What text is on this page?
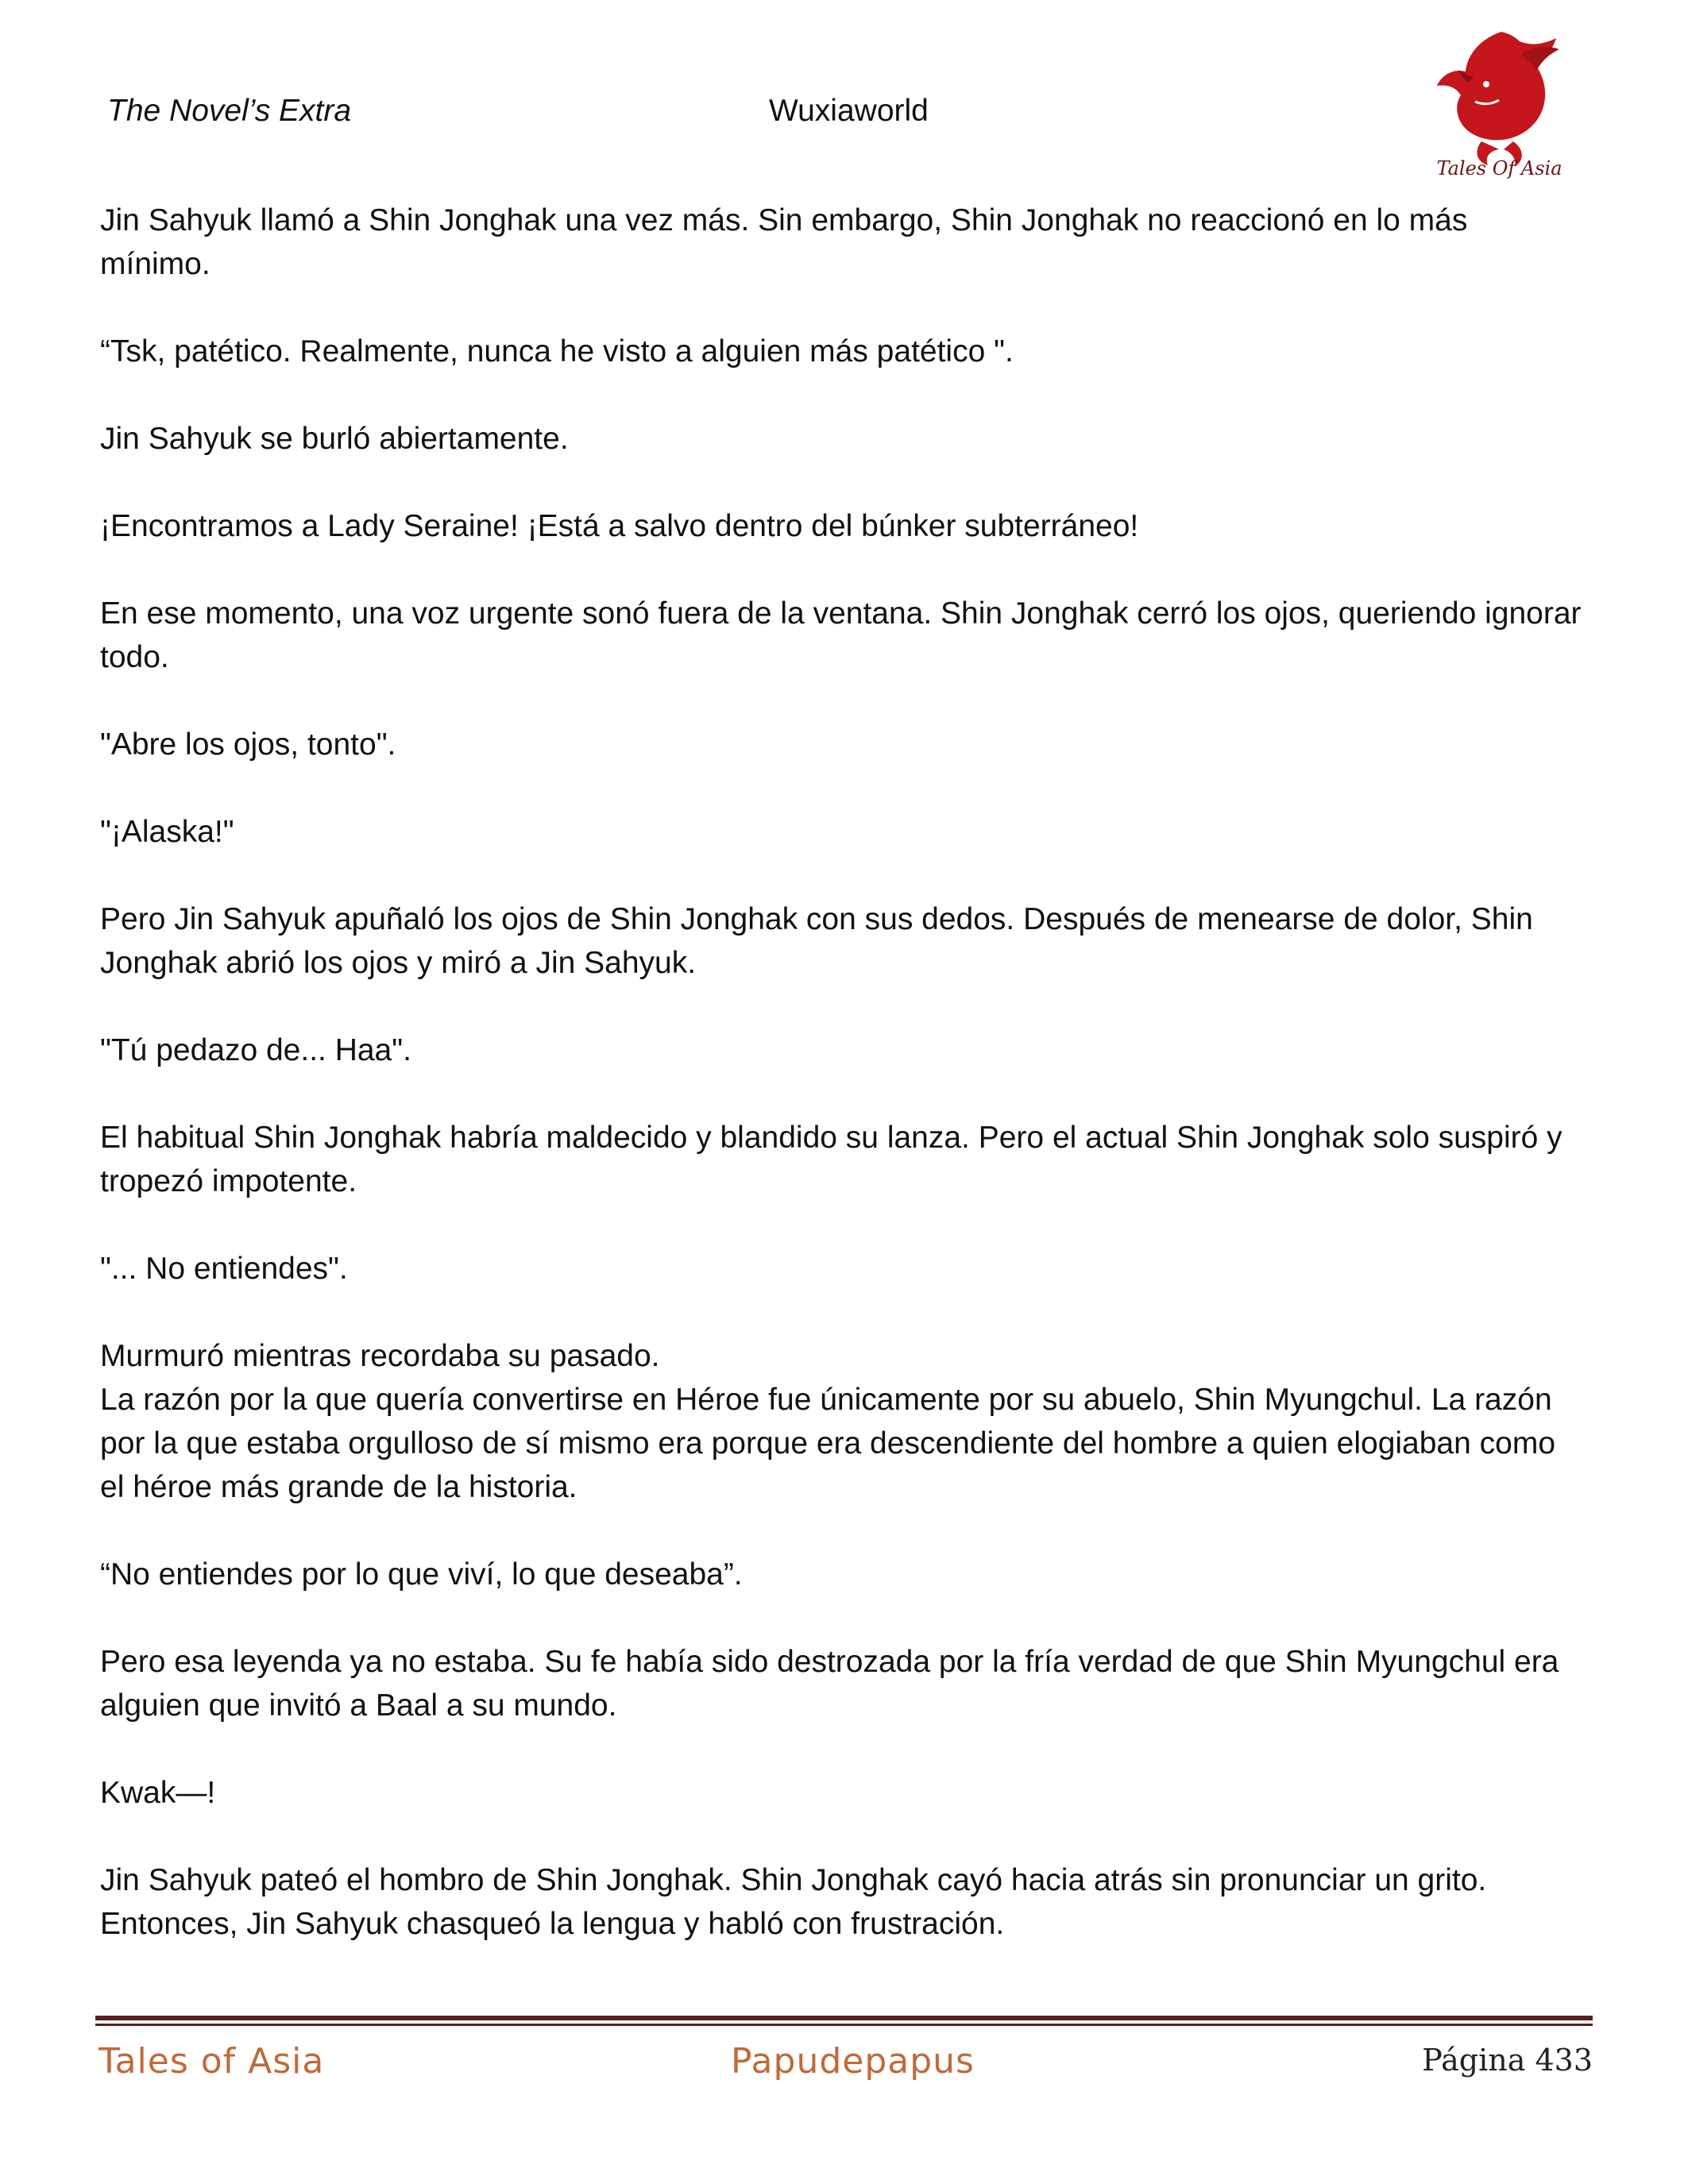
The Novel’s Extra	Wuxiaworld
Tales Of Asia

Jin Sahyuk llamó a Shin Jonghak una vez más. Sin embargo, Shin Jonghak no reaccionó en lo más mínimo.

“Tsk, patético. Realmente, nunca he visto a alguien más patético ".

Jin Sahyuk se burló abiertamente.

¡Encontramos a Lady Seraine! ¡Está a salvo dentro del búnker subterráneo!

En ese momento, una voz urgente sonó fuera de la ventana. Shin Jonghak cerró los ojos, queriendo ignorar todo.

"Abre los ojos, tonto".

"¡Alaska!"

Pero Jin Sahyuk apuñaló los ojos de Shin Jonghak con sus dedos. Después de menearse de dolor, Shin Jonghak abrió los ojos y miró a Jin Sahyuk.

"Tú pedazo de... Haa".

El habitual Shin Jonghak habría maldecido y blandido su lanza. Pero el actual Shin Jonghak solo suspiró y tropezó impotente.

"... No entiendes".

Murmuró mientras recordaba su pasado.

La razón por la que quería convertirse en Héroe fue únicamente por su abuelo, Shin Myungchul. La razón por la que estaba orgulloso de sí mismo era porque era descendiente del hombre a quien elogiaban como el héroe más grande de la historia.

“No entiendes por lo que viví, lo que deseaba”.

Pero esa leyenda ya no estaba. Su fe había sido destrozada por la fría verdad de que Shin Myungchul era alguien que invitó a Baal a su mundo.

Kwak—!

Jin Sahyuk pateó el hombro de Shin Jonghak. Shin Jonghak cayó hacia atrás sin pronunciar un grito. Entonces, Jin Sahyuk chasqueó la lengua y habló con frustración.

Tales of Asia	Papudepapus	Página 433
